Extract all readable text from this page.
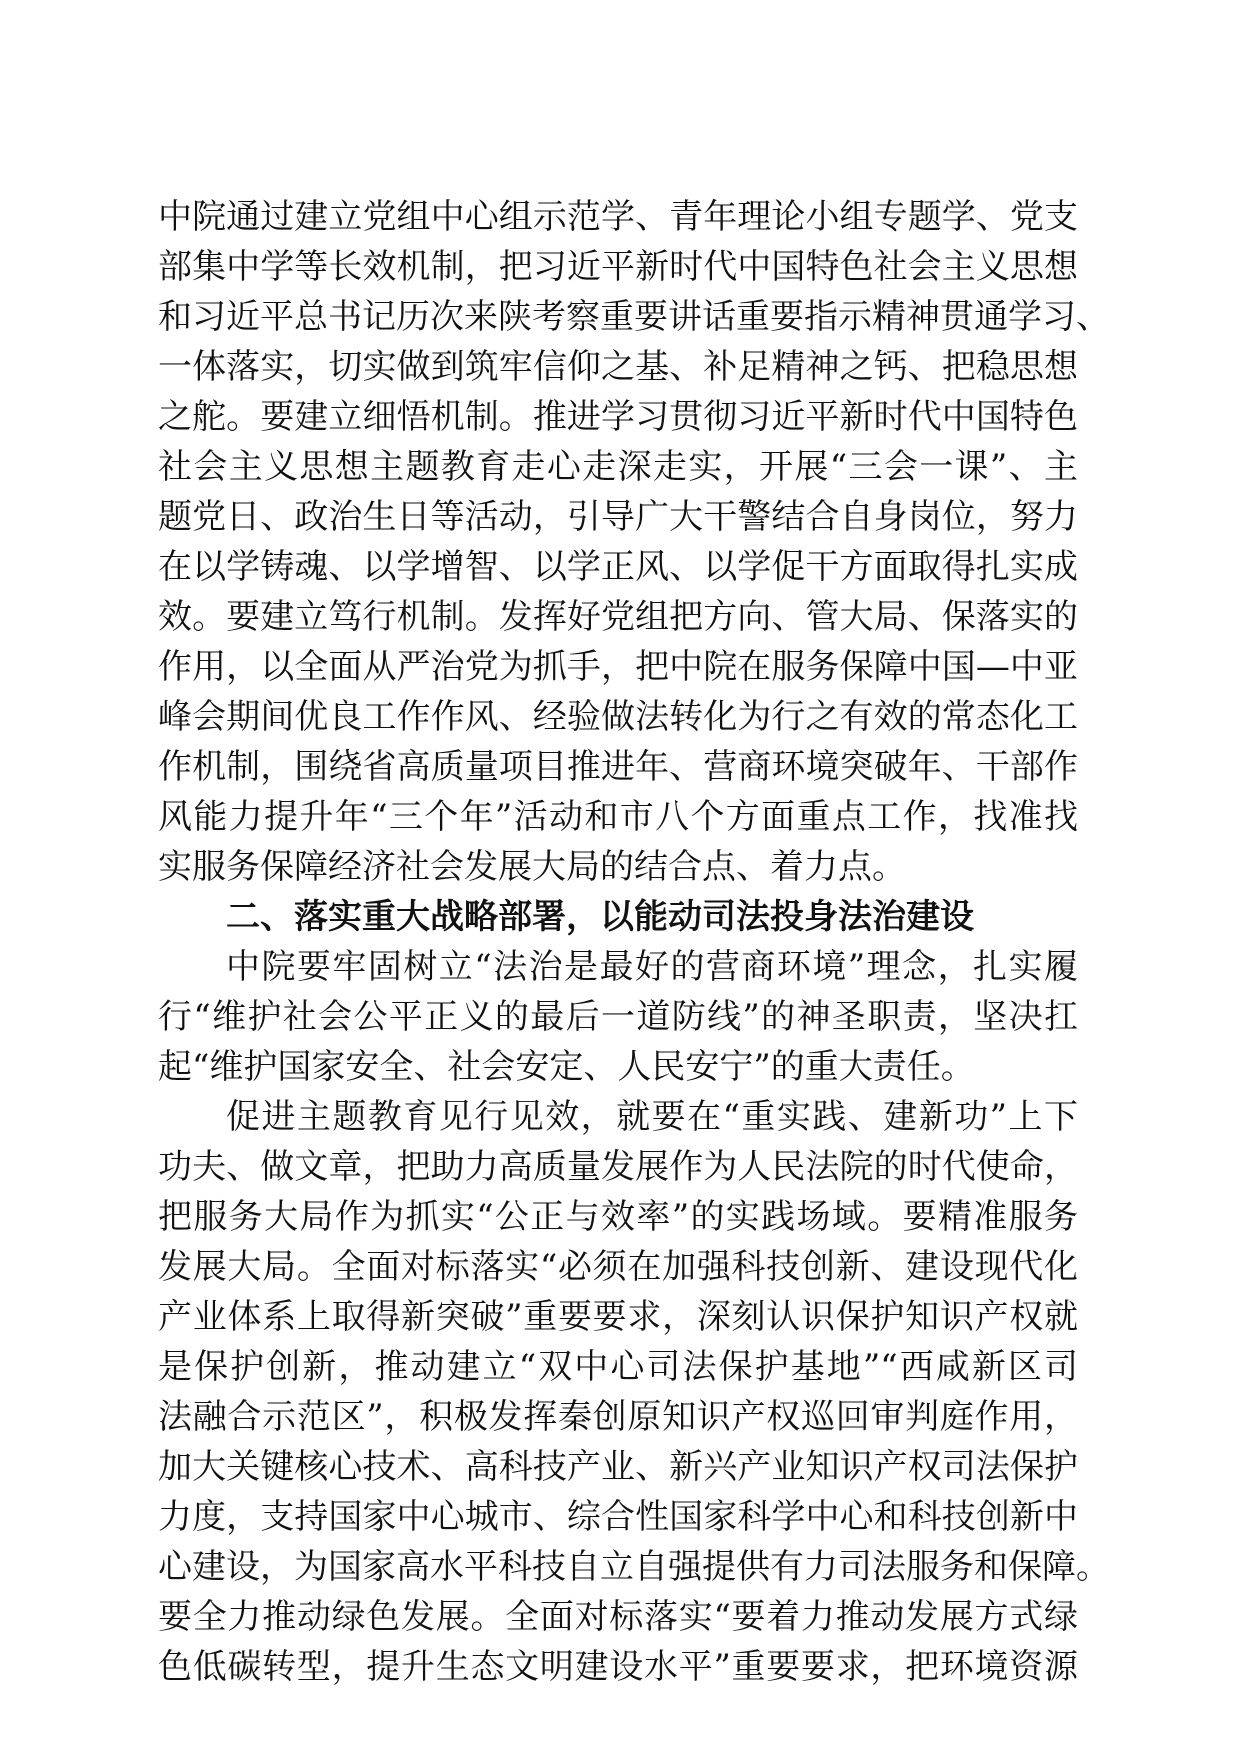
中院通过建立党组中心组示范学、青年理论小组专题学、党支

部集中学等长效机制，把习近平新时代中国特色社会主义思想

和习近平总书记历次来陕考察重要讲话重要指示精神贯通学习、

一体落实，切实做到筑牢信仰之基、补足精神之钙、把稳思想

之舵。要建立细悟机制。推进学习贯彻习近平新时代中国特色

社会主义思想主题教育走心走深走实，开展“三会一课”、主

题党日、政治生日等活动，引导广大干警结合自身岗位，努力

在以学铸魂、以学增智、以学正风、以学促干方面取得扎实成

效。要建立笃行机制。发挥好党组把方向、管大局、保落实的

作用，以全面从严治党为抓手，把中院在服务保障中国—中亚

峰会期间优良工作作风、经验做法转化为行之有效的常态化工

作机制，围绕省高质量项目推进年、营商环境突破年、干部作

风能力提升年“三个年”活动和市八个方面重点工作，找准找

实服务保障经济社会发展大局的结合点、着力点。

二、落实重大战略部署，以能动司法投身法治建设

中院要牢固树立“法治是最好的营商环境”理念，扎实履

行“维护社会公平正义的最后一道防线”的神圣职责，坚决扛

起“维护国家安全、社会安定、人民安宁”的重大责任。

促进主题教育见行见效，就要在“重实践、建新功”上下

功夫、做文章，把助力高质量发展作为人民法院的时代使命，

把服务大局作为抓实“公正与效率”的实践场域。要精准服务

发展大局。全面对标落实“必须在加强科技创新、建设现代化

产业体系上取得新突破”重要要求，深刻认识保护知识产权就

是保护创新，推动建立“双中心司法保护基地”“西咸新区司

法融合示范区”，积极发挥秦创原知识产权巡回审判庭作用，

加大关键核心技术、高科技产业、新兴产业知识产权司法保护

力度，支持国家中心城市、综合性国家科学中心和科技创新中

心建设，为国家高水平科技自立自强提供有力司法服务和保障。

要全力推动绿色发展。全面对标落实“要着力推动发展方式绿

色低碳转型，提升生态文明建设水平”重要要求，把环境资源
